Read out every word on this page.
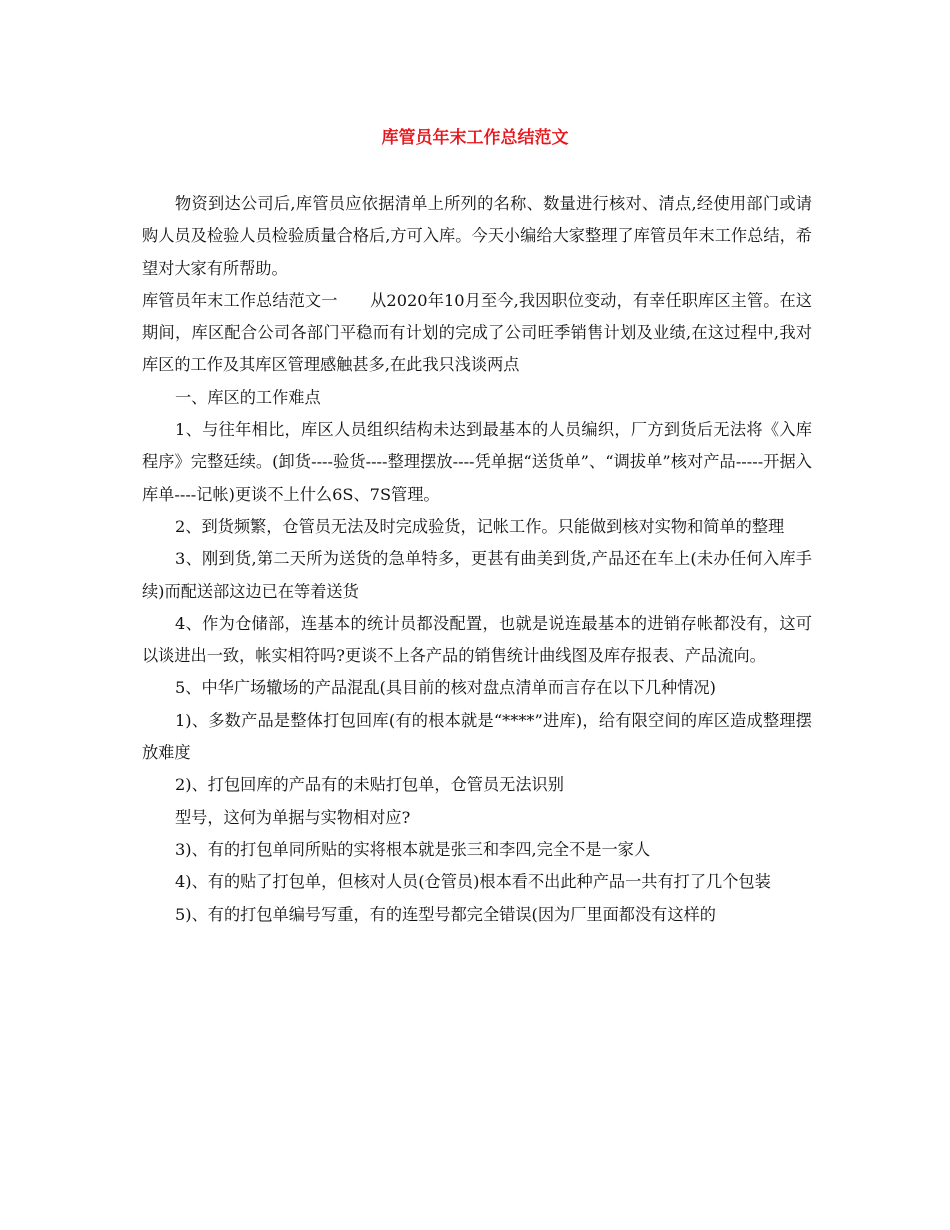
库管员年末工作总结范文

物资到达公司后,库管员应依据清单上所列的名称、数量进行核对、清点,经使用部门或请购人员及检验人员检验质量合格后,方可入库。今天小编给大家整理了库管员年末工作总结，希望对大家有所帮助。

库管员年末工作总结范文一　　从2020年10月至今,我因职位变动，有幸任职库区主管。在这期间，库区配合公司各部门平稳而有计划的完成了公司旺季销售计划及业绩,在这过程中,我对库区的工作及其库区管理感触甚多,在此我只浅谈两点

一、库区的工作难点

1、与往年相比，库区人员组织结构未达到最基本的人员编织，厂方到货后无法将《入库程序》完整廷续。(卸货----验货----整理摆放----凭单据“送货单”、“调拔单”核对产品-----开据入库单----记帐)更谈不上什么6S、7S管理。

2、到货频繁，仓管员无法及时完成验货，记帐工作。只能做到核对实物和简单的整理

3、刚到货,第二天所为送货的急单特多，更甚有曲美到货,产品还在车上(未办任何入库手续)而配送部这边已在等着送货

4、作为仓储部，连基本的统计员都没配置，也就是说连最基本的进销存帐都没有，这可以谈进出一致，帐实相符吗?更谈不上各产品的销售统计曲线图及库存报表、产品流向。

5、中华广场辙场的产品混乱(具目前的核对盘点清单而言存在以下几种情况)

1)、多数产品是整体打包回库(有的根本就是“****”进库)，给有限空间的库区造成整理摆放难度

2)、打包回库的产品有的未贴打包单，仓管员无法识别

型号，这何为单据与实物相对应?

3)、有的打包单同所贴的实将根本就是张三和李四,完全不是一家人

4)、有的贴了打包单，但核对人员(仓管员)根本看不出此种产品一共有打了几个包装

5)、有的打包单编号写重，有的连型号都完全错误(因为厂里面都没有这样的
